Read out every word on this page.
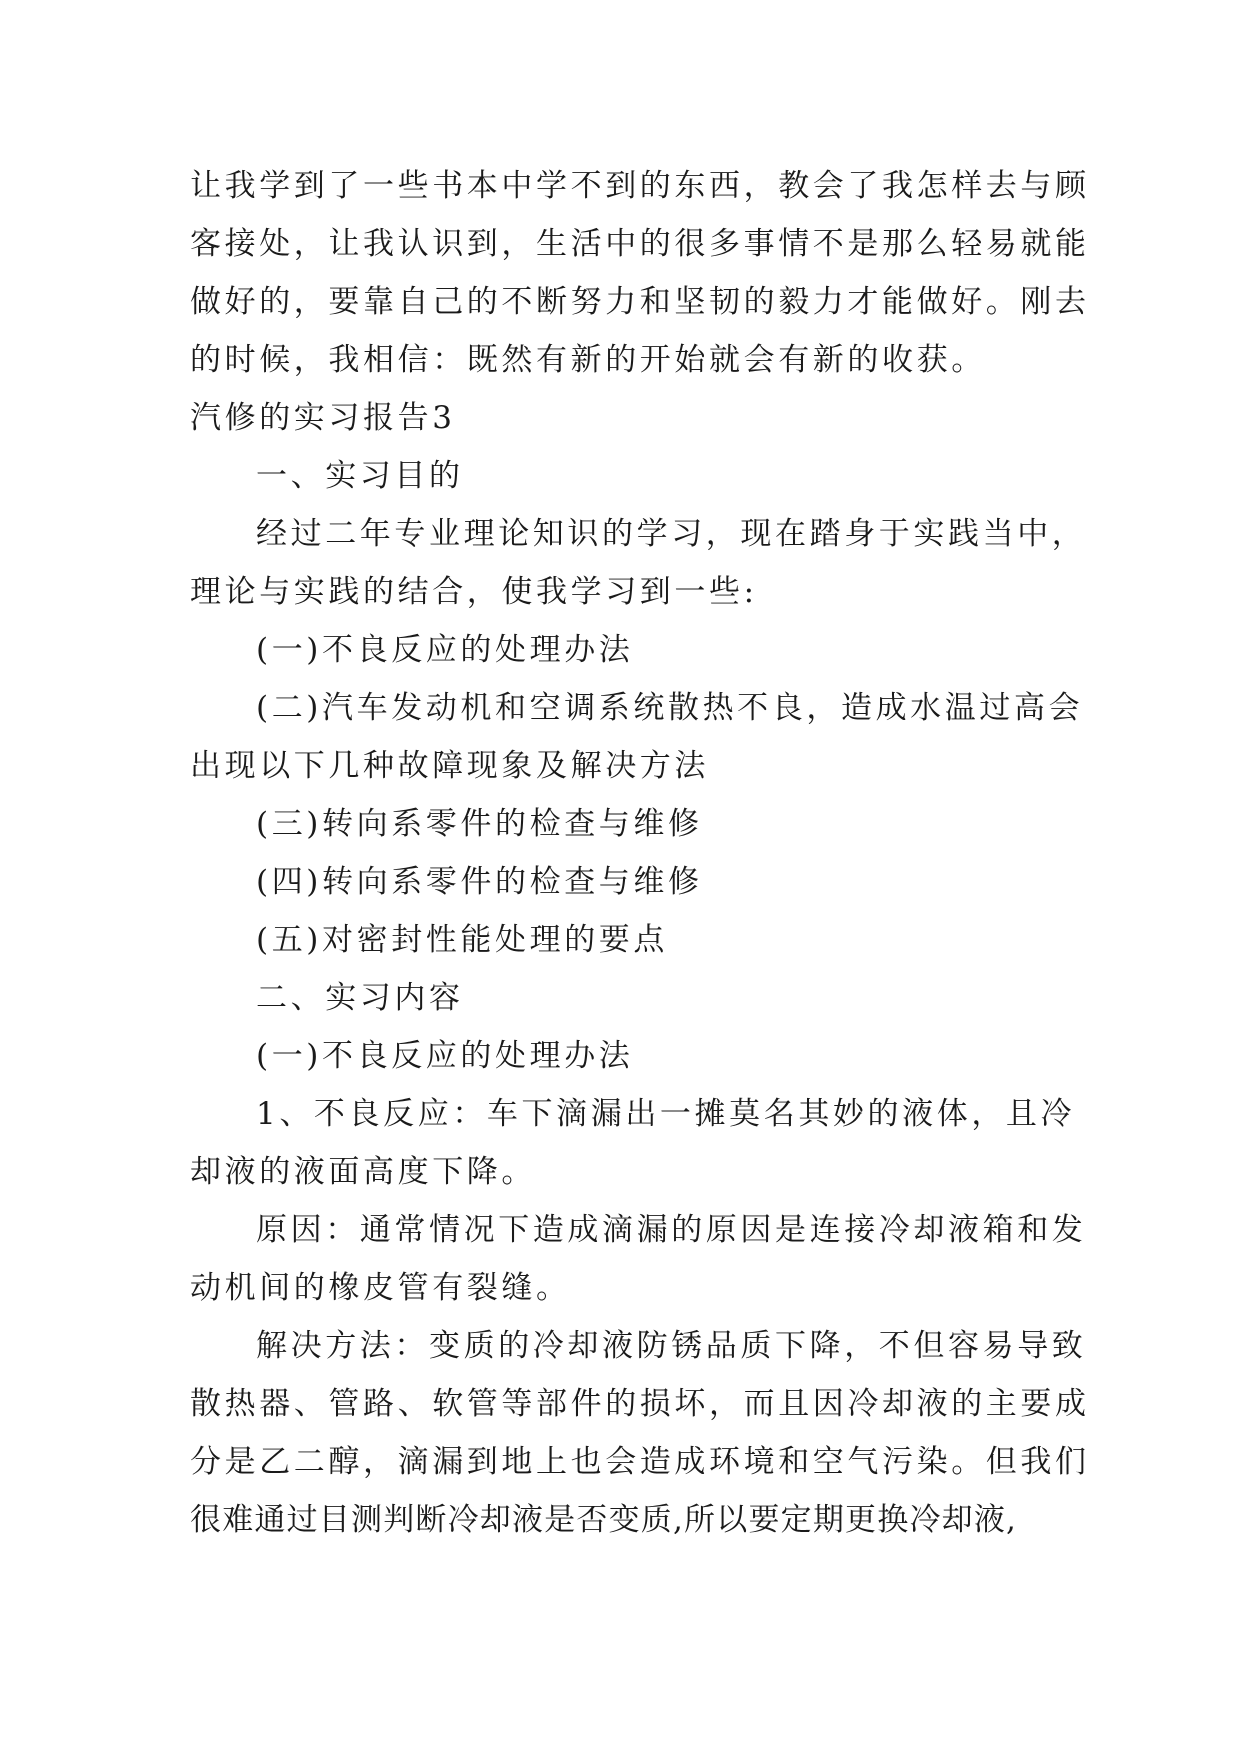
让我学到了一些书本中学不到的东西，教会了我怎样去与顾
客接处，让我认识到，生活中的很多事情不是那么轻易就能
做好的，要靠自己的不断努力和坚韧的毅力才能做好。刚去
的时候，我相信：既然有新的开始就会有新的收获。
汽修的实习报告3
一、实习目的
经过二年专业理论知识的学习，现在踏身于实践当中，
理论与实践的结合，使我学习到一些:
(一)不良反应的处理办法
(二)汽车发动机和空调系统散热不良，造成水温过高会
出现以下几种故障现象及解决方法
(三)转向系零件的检查与维修
(四)转向系零件的检查与维修
(五)对密封性能处理的要点
二、实习内容
(一)不良反应的处理办法
1、不良反应：车下滴漏出一摊莫名其妙的液体，且冷
却液的液面高度下降。
原因：通常情况下造成滴漏的原因是连接冷却液箱和发
动机间的橡皮管有裂缝。
解决方法：变质的冷却液防锈品质下降，不但容易导致
散热器、管路、软管等部件的损坏，而且因冷却液的主要成
分是乙二醇，滴漏到地上也会造成环境和空气污染。但我们
很难通过目测判断冷却液是否变质,所以要定期更换冷却液,
